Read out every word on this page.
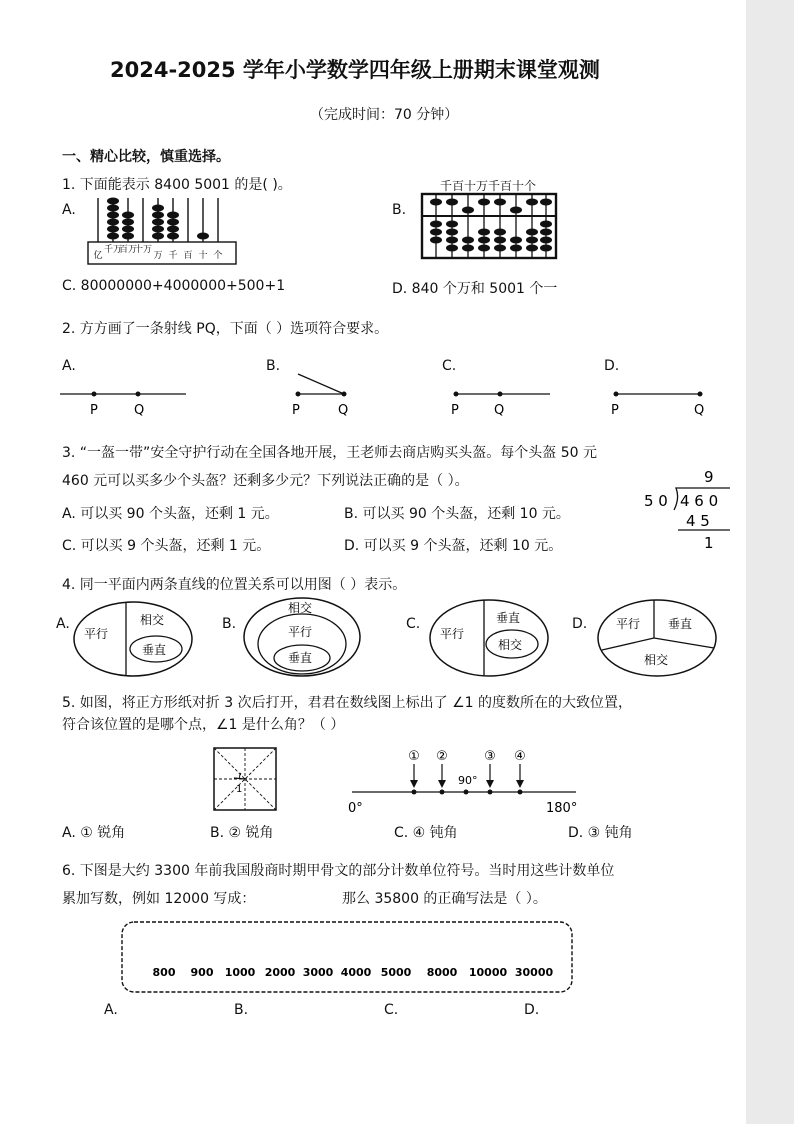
2024-2025 学年小学数学四年级上册期末课堂观测
（完成时间：70 分钟）
一、精心比较，慎重选择。
1. 下面能表示 8400 5001 的是( )。
A.
亿
千万
百万
十万
万 千 百 十 个
B.
千百十万千百十个
C. 80000000+4000000+500+1	D. 840 个万和 5001 个一
2. 方方画了一条射线 PQ，下面（ ）选项符合要求。
A.
P	Q
B.
P	Q
C.
P	Q
D.
P	Q
3. “一盔一带”安全守护行动在全国各地开展，王老师去商店购买头盔。每个头盔 50 元
460 元可以买多少个头盔？还剩多少元？下列说法正确的是（ ）。
A. 可以买 90 个头盔，还剩 1 元。	B. 可以买 90 个头盔，还剩 10 元。
C. 可以买 9 个头盔，还剩 1 元。	D. 可以买 9 个头盔，还剩 10 元。
9
5 0 4 6 0
4 5
1
4. 同一平面内两条直线的位置关系可以用图（ ）表示。
A.
平行
相交
垂直
B.
相交
平行
垂直
C.
平行
垂直
相交
D. 平行 垂直
相交
5. 如图，将正方形纸对折 3 次后打开，君君在数线图上标出了 ∠1 的度数所在的大致位置，
符合该位置的是哪个点，∠1 是什么角？（ ）
1
① ②	③ ④
90°
0°	180°
A. ① 锐角	B. ② 锐角	C. ④ 钝角	D. ③ 钝角
6. 下图是大约 3300 年前我国殷商时期甲骨文的部分计数单位符号。当时用这些计数单位
累加写数，例如 12000 写成：	那么 35800 的正确写法是（ ）。
800 900 1000 2000 3000 4000 5000 8000 10000 30000
A.	B.	C.	D.
